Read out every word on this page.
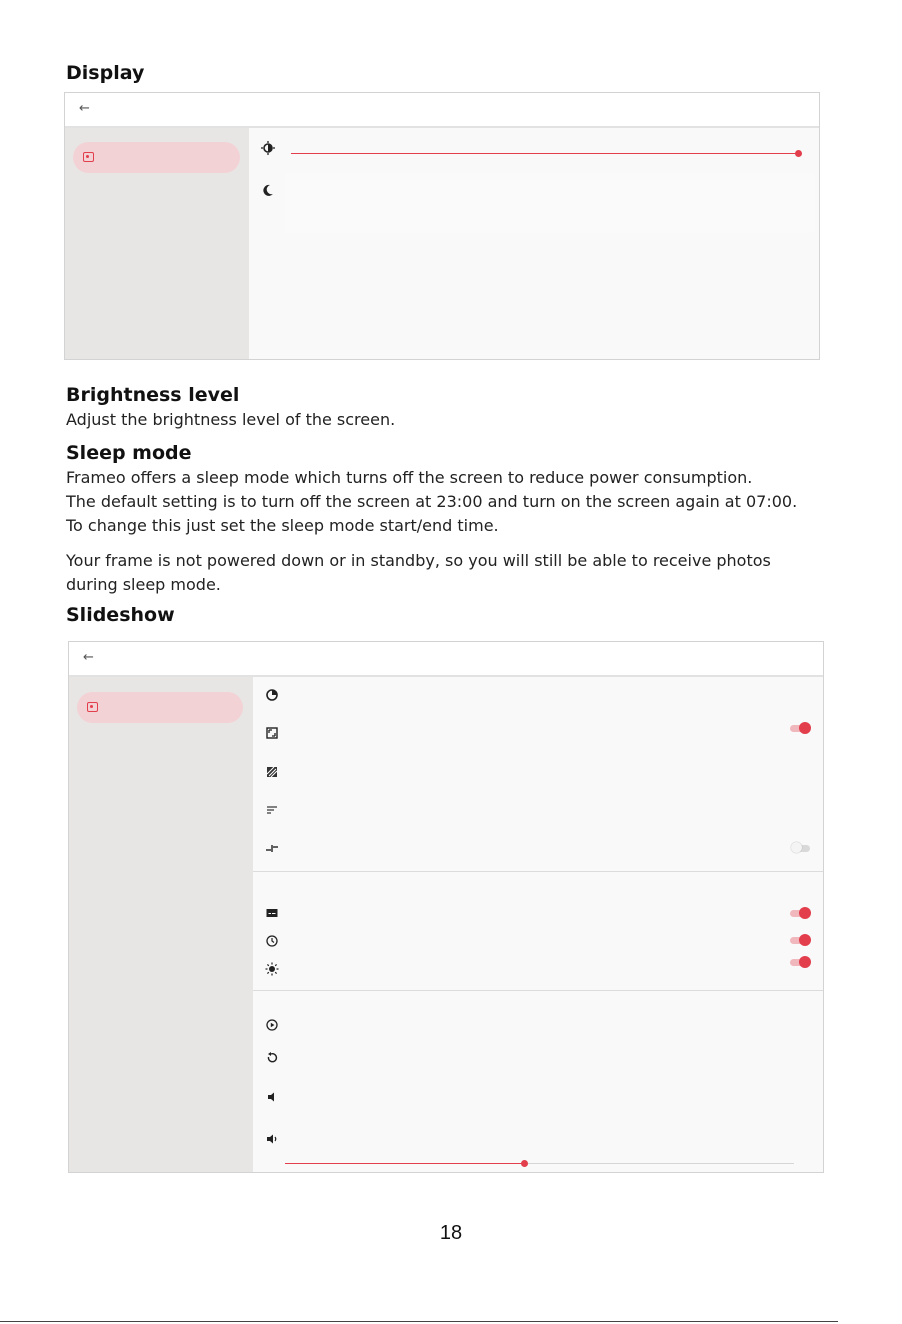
Display
←
Brightness level

Adjust the brightness level of the screen.

Sleep mode

Frameo offers a sleep mode which turns off the screen to reduce power consumption.

The default setting is to turn off the screen at 23:00 and turn on the screen again at 07:00.

To change this just set the sleep mode start/end time.

Your frame is not powered down or in standby, so you will still be able to receive photos

during sleep mode.

Slideshow
←
18
